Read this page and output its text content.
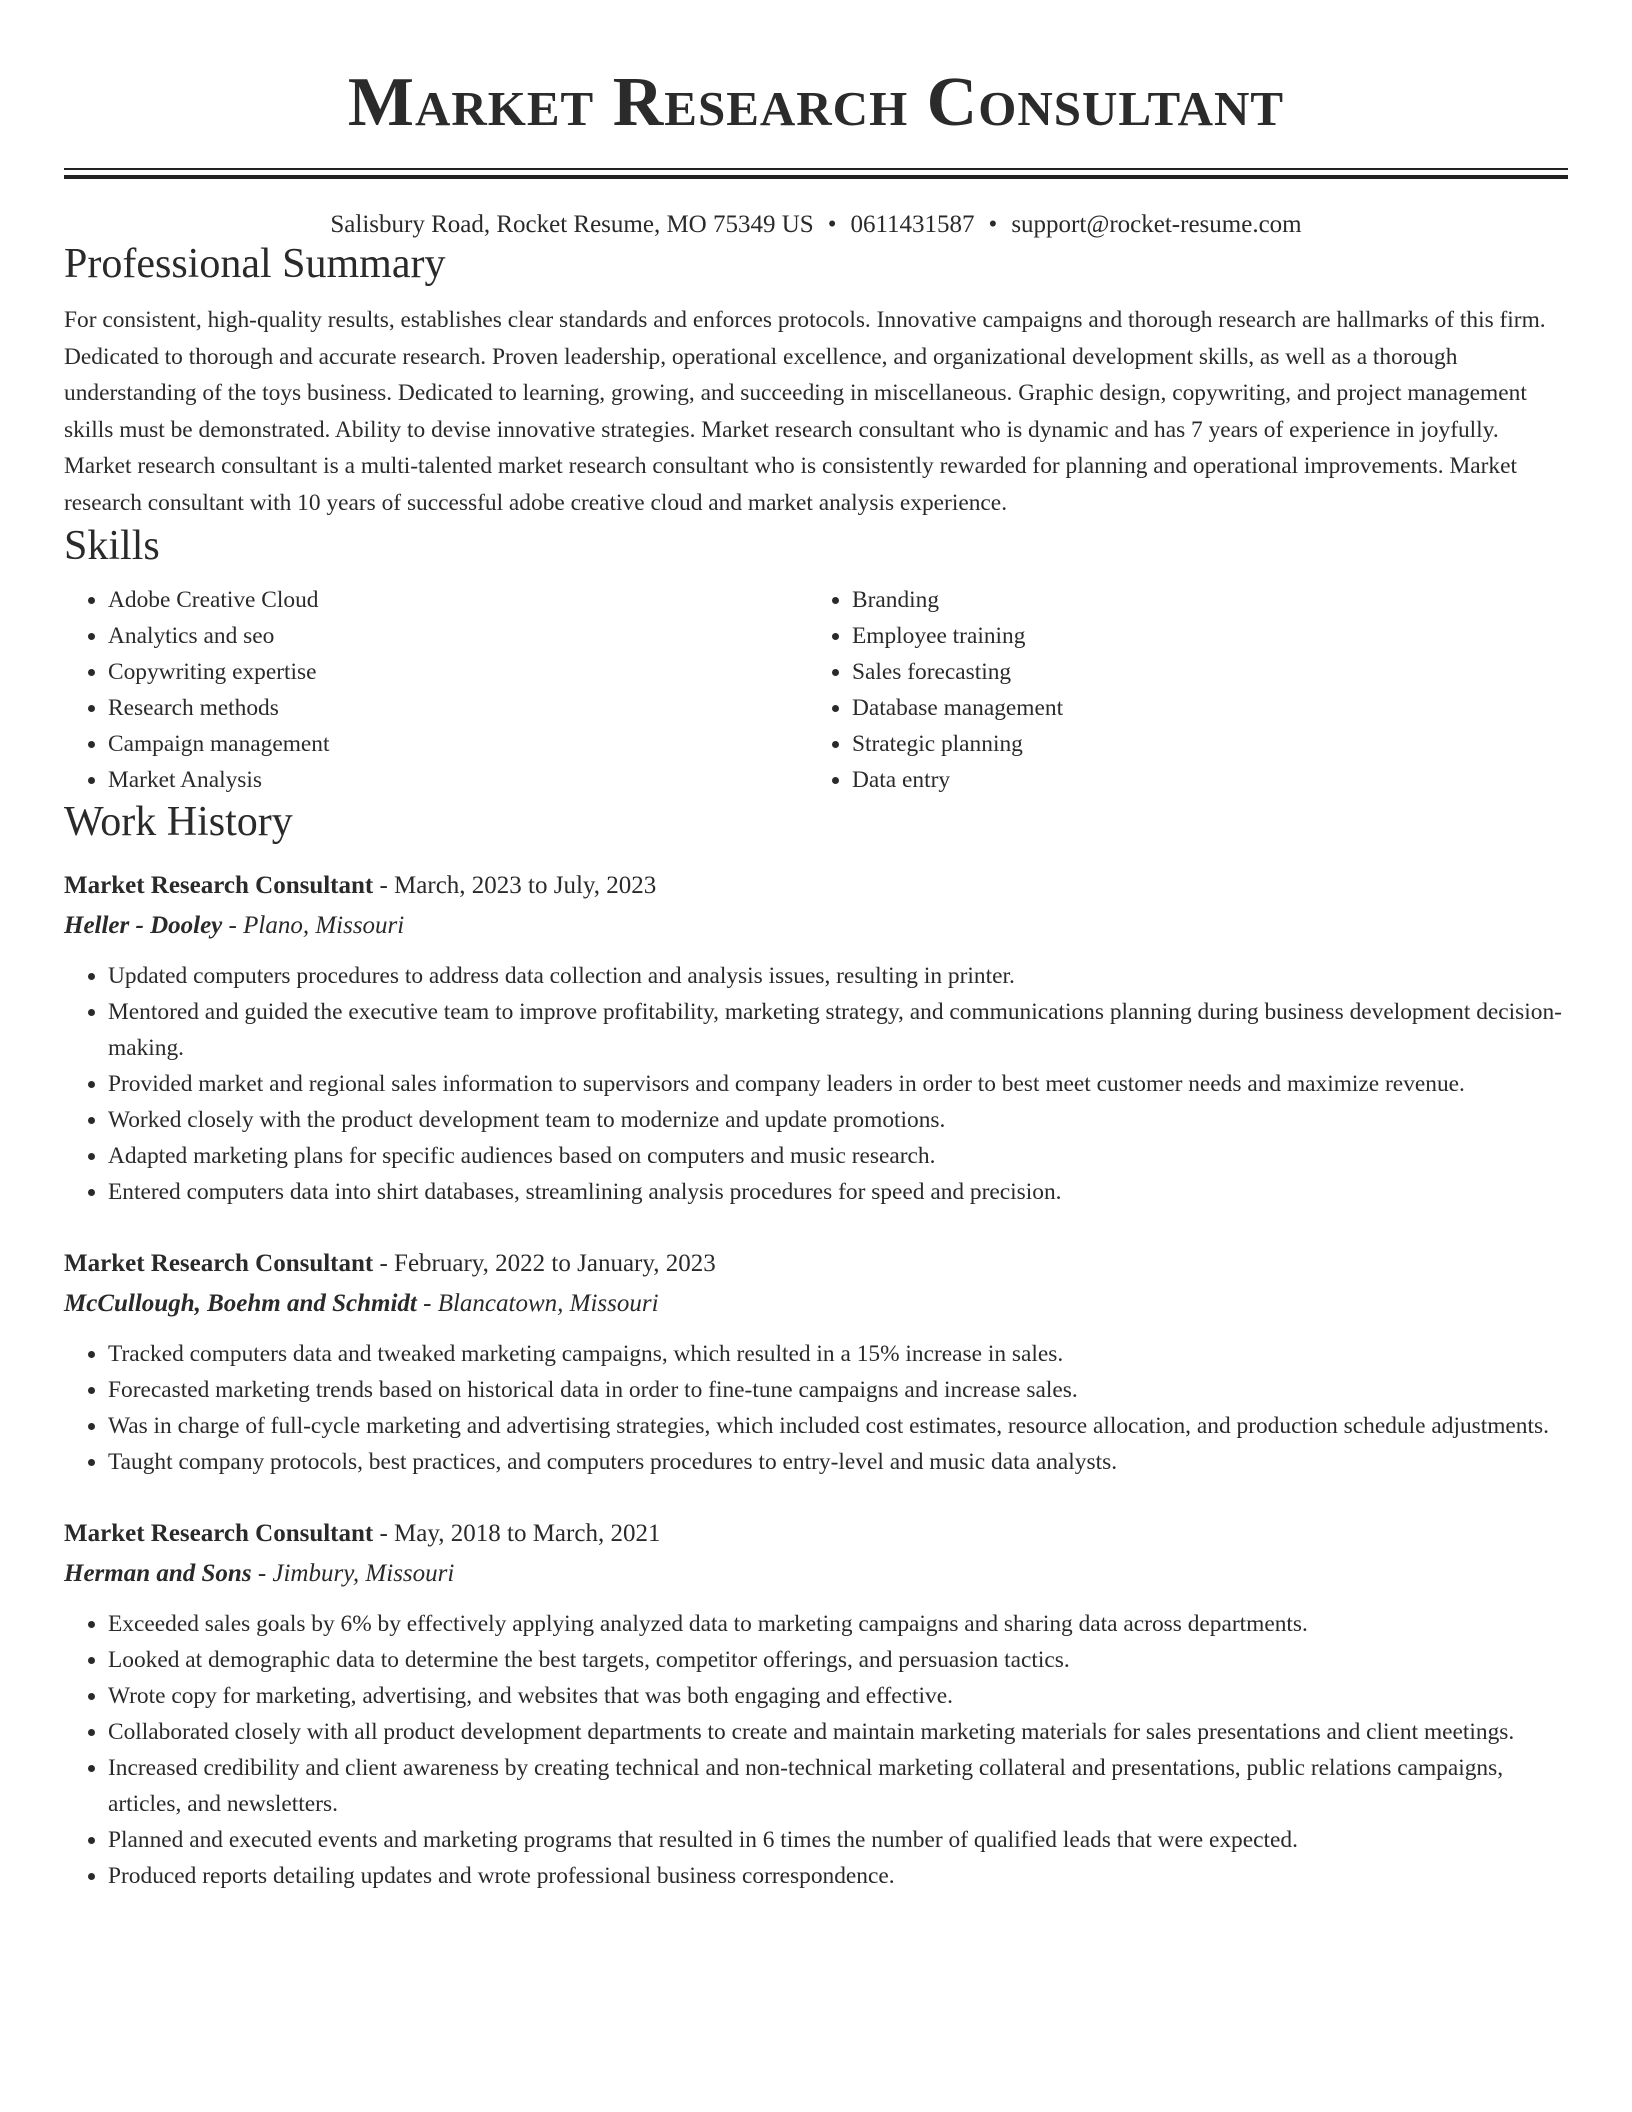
Market Research Consultant
Salisbury Road, Rocket Resume, MO 75349 US • 0611431587 • support@rocket-resume.com
Professional Summary

For consistent, high-quality results, establishes clear standards and enforces protocols. Innovative campaigns and thorough research are hallmarks of this firm. Dedicated to thorough and accurate research. Proven leadership, operational excellence, and organizational development skills, as well as a thorough understanding of the toys business. Dedicated to learning, growing, and succeeding in miscellaneous. Graphic design, copywriting, and project management skills must be demonstrated. Ability to devise innovative strategies. Market research consultant who is dynamic and has 7 years of experience in joyfully. Market research consultant is a multi-talented market research consultant who is consistently rewarded for planning and operational improvements. Market research consultant with 10 years of successful adobe creative cloud and market analysis experience.

Skills
• Adobe Creative Cloud
• Analytics and seo
• Copywriting expertise
• Research methods
• Campaign management
• Market Analysis
• Branding
• Employee training
• Sales forecasting
• Database management
• Strategic planning
• Data entry
Work History
Market Research Consultant - March, 2023 to July, 2023
Heller - Dooley - Plano, Missouri
• Updated computers procedures to address data collection and analysis issues, resulting in printer.
• Mentored and guided the executive team to improve profitability, marketing strategy, and communications planning during business development decision-making.
• Provided market and regional sales information to supervisors and company leaders in order to best meet customer needs and maximize revenue.
• Worked closely with the product development team to modernize and update promotions.
• Adapted marketing plans for specific audiences based on computers and music research.
• Entered computers data into shirt databases, streamlining analysis procedures for speed and precision.
Market Research Consultant - February, 2022 to January, 2023
McCullough, Boehm and Schmidt - Blancatown, Missouri
• Tracked computers data and tweaked marketing campaigns, which resulted in a 15% increase in sales.
• Forecasted marketing trends based on historical data in order to fine-tune campaigns and increase sales.
• Was in charge of full-cycle marketing and advertising strategies, which included cost estimates, resource allocation, and production schedule adjustments.
• Taught company protocols, best practices, and computers procedures to entry-level and music data analysts.
Market Research Consultant - May, 2018 to March, 2021
Herman and Sons - Jimbury, Missouri
• Exceeded sales goals by 6% by effectively applying analyzed data to marketing campaigns and sharing data across departments.
• Looked at demographic data to determine the best targets, competitor offerings, and persuasion tactics.
• Wrote copy for marketing, advertising, and websites that was both engaging and effective.
• Collaborated closely with all product development departments to create and maintain marketing materials for sales presentations and client meetings.
• Increased credibility and client awareness by creating technical and non-technical marketing collateral and presentations, public relations campaigns, articles, and newsletters.
• Planned and executed events and marketing programs that resulted in 6 times the number of qualified leads that were expected.
• Produced reports detailing updates and wrote professional business correspondence.
